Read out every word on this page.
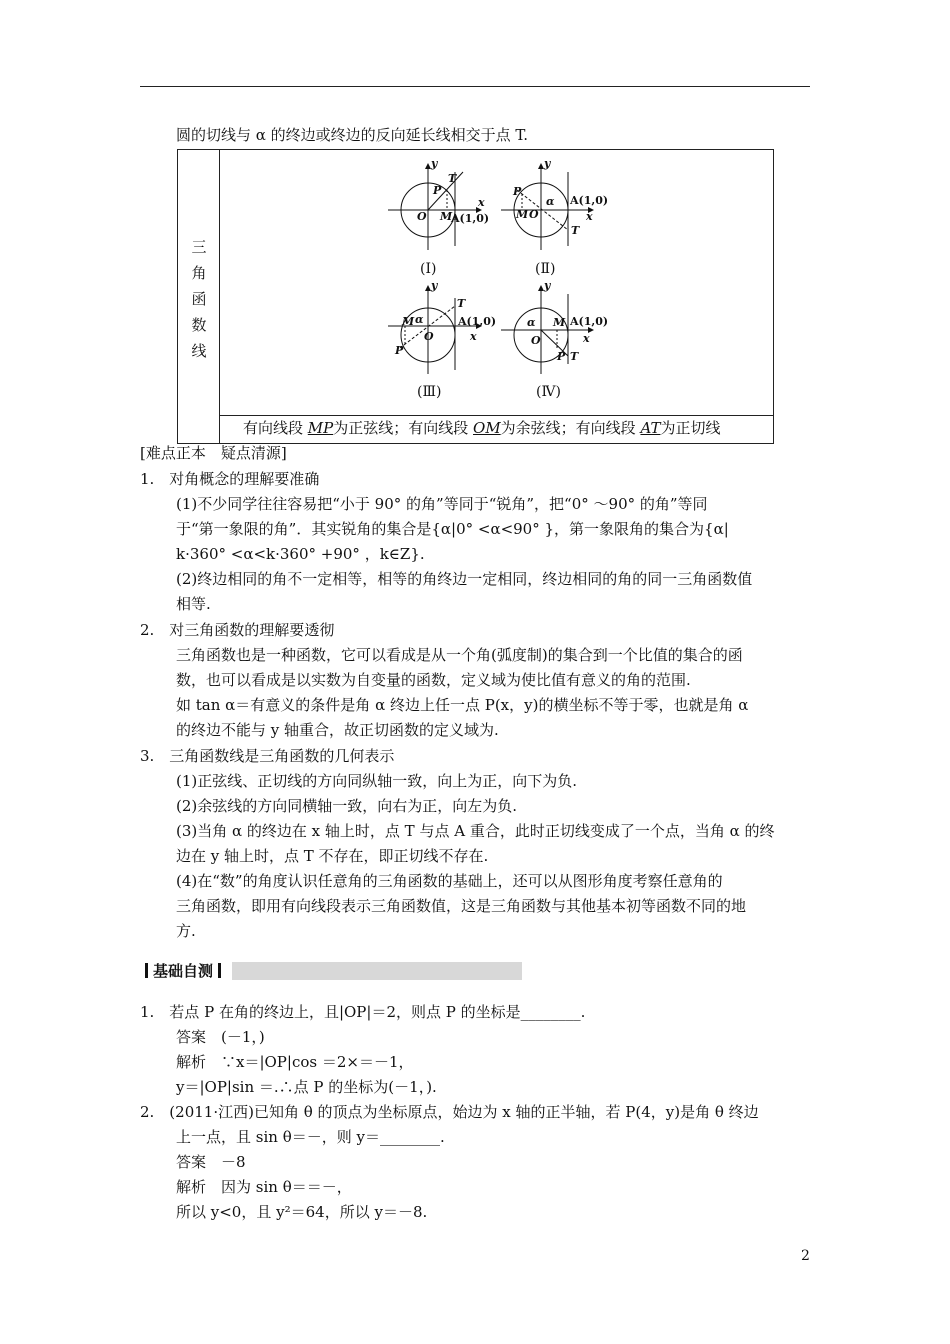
圆的切线与 α 的终边或终边的反向延长线相交于点 T.
三
角
函
数
线
y
x
O
P
T
M
A(1,0)
y
x
P
M O
α A(1,0)
T
y
x
M α
O
T
A(1,0)
P
y
x
α
O
M A(1,0)
P T
(Ⅰ)	(Ⅱ)
(Ⅲ)	(Ⅳ)
有向线段 MP为正弦线；有向线段 OM为余弦线；有向线段 AT为正切线
[难点正本　疑点清源]
1.　对角概念的理解要准确
(1)不少同学往往容易把“小于 90° 的角”等同于“锐角”，把“0° ～90° 的角”等同
于“第一象限的角”．其实锐角的集合是{α|0° <α<90° }，第一象限角的集合为{α|
k·360° <α<k·360° +90° ，k∈Z}.
(2)终边相同的角不一定相等，相等的角终边一定相同，终边相同的角的同一三角函数值
相等.
2.　对三角函数的理解要透彻
三角函数也是一种函数，它可以看成是从一个角(弧度制)的集合到一个比值的集合的函
数，也可以看成是以实数为自变量的函数，定义域为使比值有意义的角的范围.
如 tan α＝有意义的条件是角 α 终边上任一点 P(x，y)的横坐标不等于零，也就是角 α
的终边不能与 y 轴重合，故正切函数的定义域为.
3.　三角函数线是三角函数的几何表示
(1)正弦线、正切线的方向同纵轴一致，向上为正，向下为负.
(2)余弦线的方向同横轴一致，向右为正，向左为负.
(3)当角 α 的终边在 x 轴上时，点 T 与点 A 重合，此时正切线变成了一个点，当角 α 的终
边在 y 轴上时，点 T 不存在，即正切线不存在.
(4)在“数”的角度认识任意角的三角函数的基础上，还可以从图形角度考察任意角的
三角函数，即用有向线段表示三角函数值，这是三角函数与其他基本初等函数不同的地
方.
基础自测
1.　若点 P 在角的终边上，且|OP|＝2，则点 P 的坐标是________.
答案　(－1，)
解析　∵x＝|OP|cos ＝2×＝－1，
y＝|OP|sin ＝.∴点 P 的坐标为(－1，).
2.　(2011·江西)已知角 θ 的顶点为坐标原点，始边为 x 轴的正半轴，若 P(4，y)是角 θ 终边
上一点，且 sin θ＝－，则 y＝________.
答案　－8
解析　因为 sin θ＝＝－，
所以 y<0，且 y²＝64，所以 y＝－8.
2
